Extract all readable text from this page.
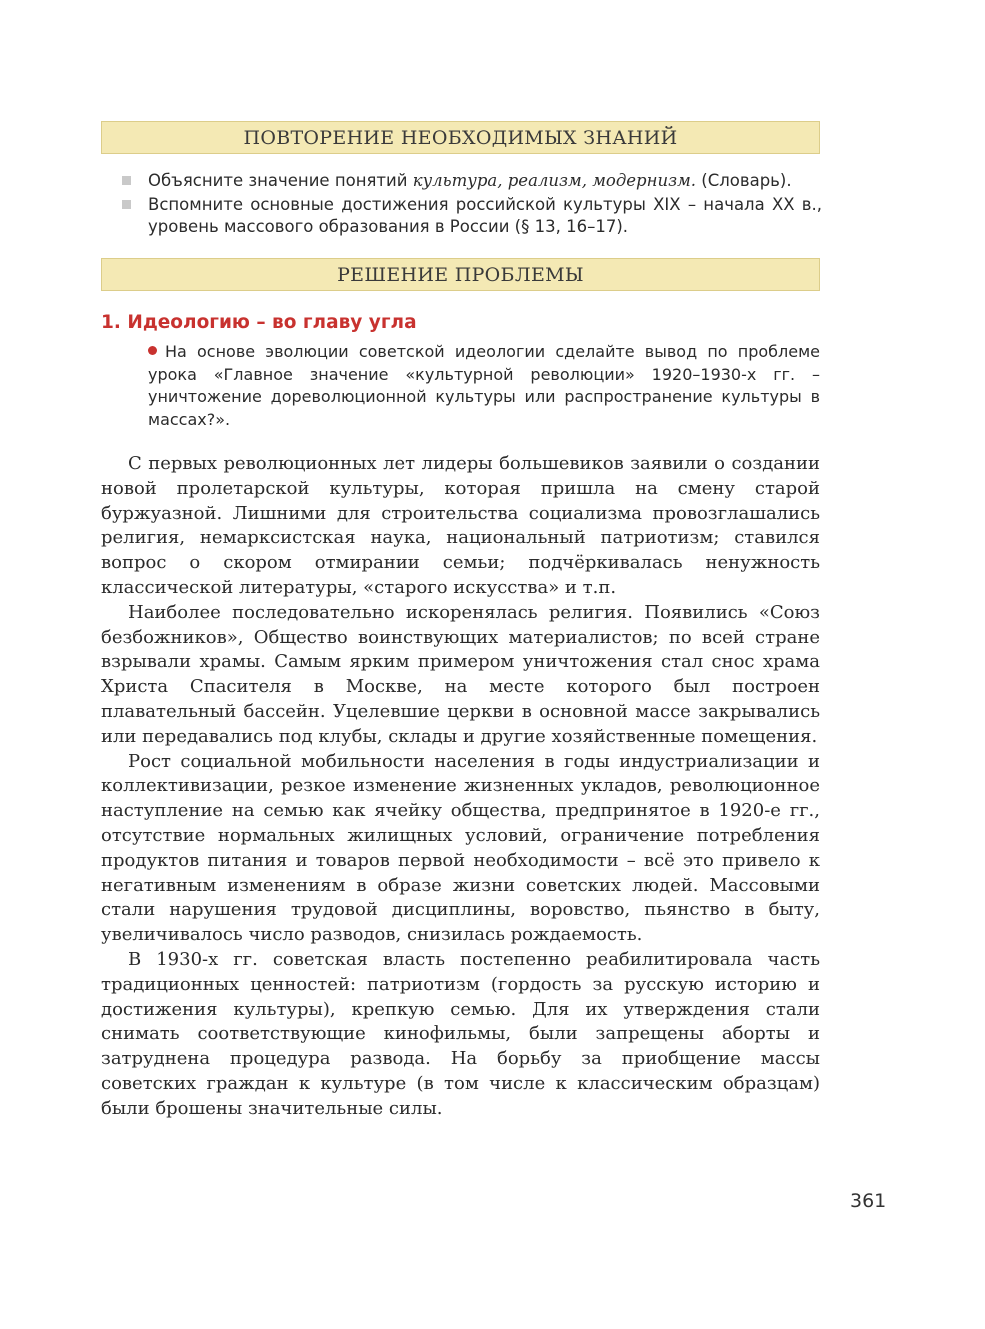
ПОВТОРЕНИЕ НЕОБХОДИМЫХ ЗНАНИЙ
Объясните значение понятий культура, реализм, модернизм. (Словарь).
Вспомните основные достижения российской культуры XIX – начала XX в., уровень массового образования в России (§ 13, 16–17).
РЕШЕНИЕ ПРОБЛЕМЫ
1. Идеологию – во главу угла

На основе эволюции советской идеологии сделайте вывод по проблеме урока «Главное значение «культурной революции» 1920–1930-х гг. – уничтожение дореволюционной культуры или распространение культуры в массах?».

С первых революционных лет лидеры большевиков заявили о создании новой пролетарской культуры, которая пришла на смену старой буржуазной. Лишними для строительства социализма провозглашались религия, немарксистская наука, национальный патриотизм; ставился вопрос о скором отмирании семьи; подчёркивалась ненужность классической литературы, «старого искусства» и т.п.

Наиболее последовательно искоренялась религия. Появились «Союз безбожников», Общество воинствующих материалистов; по всей стране взрывали храмы. Самым ярким примером уничтожения стал снос храма Христа Спасителя в Москве, на месте которого был построен плавательный бассейн. Уцелевшие церкви в основной массе закрывались или передавались под клубы, склады и другие хозяйственные помещения.

Рост социальной мобильности населения в годы индустриализации и коллективизации, резкое изменение жизненных укладов, революционное наступление на семью как ячейку общества, предпринятое в 1920-е гг., отсутствие нормальных жилищных условий, ограничение потребления продуктов питания и товаров первой необходимости – всё это привело к негативным изменениям в образе жизни советских людей. Массовыми стали нарушения трудовой дисциплины, воровство, пьянство в быту, увеличивалось число разводов, снизилась рождаемость.

В 1930-х гг. советская власть постепенно реабилитировала часть традиционных ценностей: патриотизм (гордость за русскую историю и достижения культуры), крепкую семью. Для их утверждения стали снимать соответствующие кинофильмы, были запрещены аборты и затруднена процедура развода. На борьбу за приобщение массы советских граждан к культуре (в том числе к классическим образцам) были брошены значительные силы.

361
